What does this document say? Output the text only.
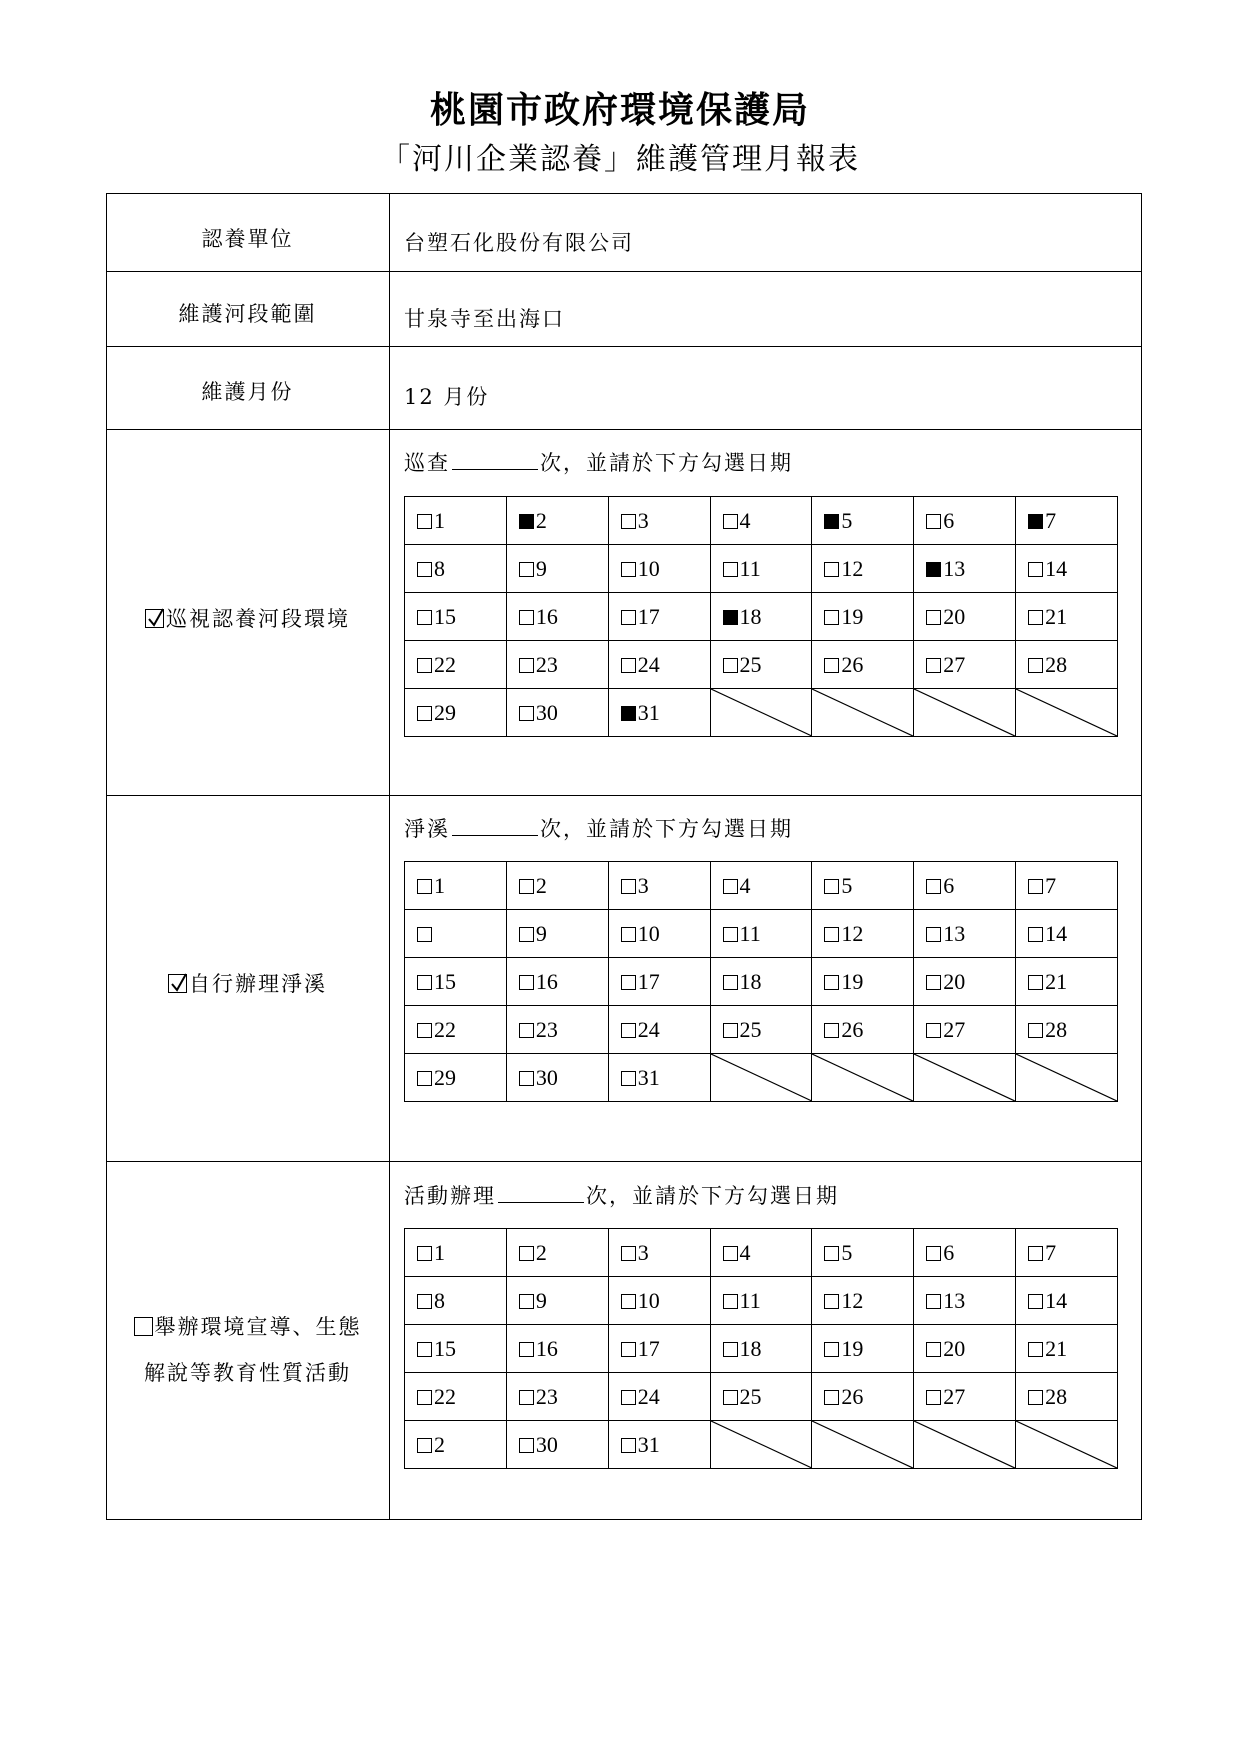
桃園市政府環境保護局
「河川企業認養」維護管理月報表
認養單位	台塑石化股份有限公司
維護河段範圍	甘泉寺至出海口
維護月份	12 月份
巡視認養河段環境
巡查	次，並請於下方勾選日期
1	2	3	4	5	6	7
8	9	10	11	12	13	14
15	16	17	18	19	20	21
22	23	24	25	26	27	28
29	30	31	

自行辦理淨溪
淨溪	次，並請於下方勾選日期
1	2	3	4	5	6	7
	9	10	11	12	13	14
15	16	17	18	19	20	21
22	23	24	25	26	27	28
29	30	31	

舉辦環境宣導、生態
解說等教育性質活動
活動辦理	次，並請於下方勾選日期
1	2	3	4	5	6	7
8	9	10	11	12	13	14
15	16	17	18	19	20	21
22	23	24	25	26	27	28
2	30	31	
